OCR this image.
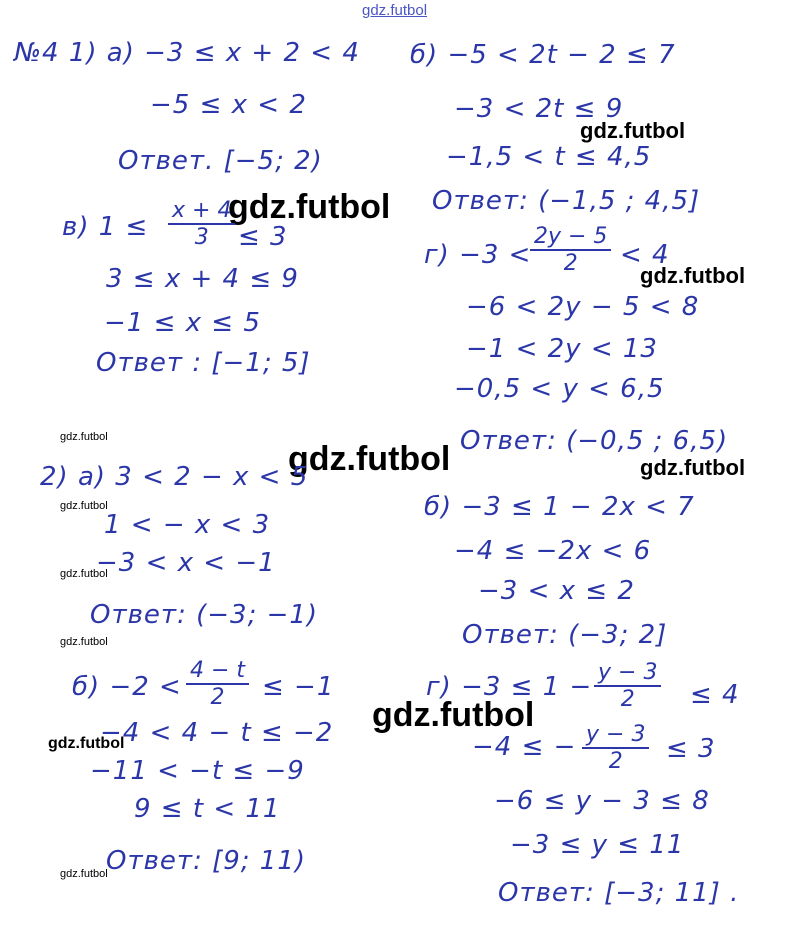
gdz.futbol
gdz.futbol
gdz.futbol
gdz.futbol
gdz.futbol
gdz.futbol
gdz.futbol
gdz.futbol
gdz.futbol
gdz.futbol
gdz.futbol
gdz.futbol
gdz.futbol
№4 1) а) −3 ≤ x + 2 < 4
−5 ≤ x < 2
Ответ. [−5; 2)
в) $1 \le \frac{x + 4}{3} \le 3$
3 ≤ x + 4 ≤ 9
−1 ≤ x ≤ 5
Ответ : [−1; 5]
2) а) 3 < 2 − x < 5
1 < − x < 3
−3 < x < −1
Ответ: (−3; −1)
$б) -2 < \frac{4 - t}{2} \le -1$
−4 < 4 − t ≤ −2
−11 < −t ≤ −9
9 ≤ t < 11
Ответ: [9; 11)
б) −5 < 2t − 2 ≤ 7
−3 < 2t ≤ 9
−1,5 < t ≤ 4,5
Ответ: (−1,5 ; 4,5]
г) −3 <
$\frac{2y - 5}{2} < 4$
−6 < 2y − 5 < 8
−1 < 2y < 13
−0,5 < y < 6,5
Ответ: (−0,5 ; 6,5)
б) −3 ≤ 1 − 2x < 7
−4 ≤ −2x < 6
−3 < x ≤ 2
Ответ: (−3; 2]
$г) -3 \le 1 - \frac{y - 3}{2} \le 4$
−4 ≤ − $\frac{y - 3}{2} \le 3$
−6 ≤ y − 3 ≤ 8
−3 ≤ y ≤ 11
Ответ: [−3; 11] .
